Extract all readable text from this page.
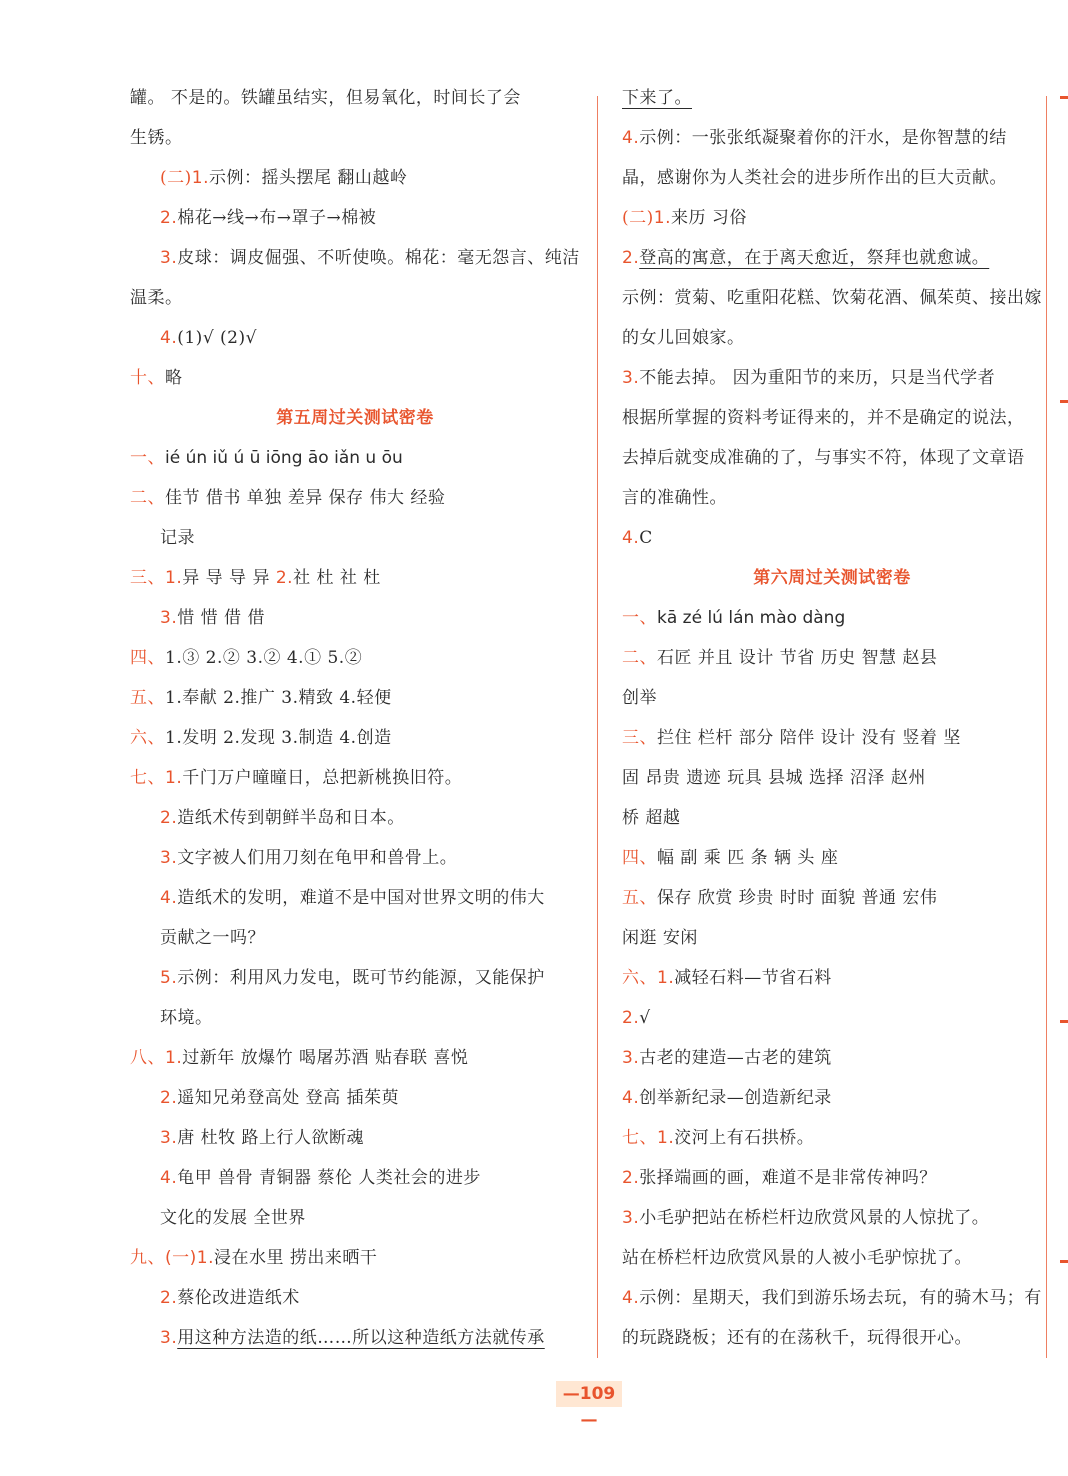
罐。 不是的。铁罐虽结实，但易氧化，时间长了会
生锈。
(二)1.示例：摇头摆尾 翻山越岭
2.棉花→线→布→罩子→棉被
3.皮球：调皮倔强、不听使唤。棉花：毫无怨言、纯洁
温柔。
4.(1)√ (2)√
十、略
第五周过关测试密卷
一、ié ún iǔ ú ū iōng āo iǎn u ōu
二、佳节 借书 单独 差异 保存 伟大 经验
记录
三、1.异 导 导 异 2.社 杜 社 杜
3.惜 惜 借 借
四、1.③ 2.② 3.② 4.① 5.②
五、1.奉献 2.推广 3.精致 4.轻便
六、1.发明 2.发现 3.制造 4.创造
七、1.千门万户曈曈日，总把新桃换旧符。
2.造纸术传到朝鲜半岛和日本。
3.文字被人们用刀刻在龟甲和兽骨上。
4.造纸术的发明，难道不是中国对世界文明的伟大
贡献之一吗？
5.示例：利用风力发电，既可节约能源，又能保护
环境。
八、1.过新年 放爆竹 喝屠苏酒 贴春联 喜悦
2.遥知兄弟登高处 登高 插茱萸
3.唐 杜牧 路上行人欲断魂
4.龟甲 兽骨 青铜器 蔡伦 人类社会的进步
文化的发展 全世界
九、(一)1.浸在水里 捞出来晒干
2.蔡伦改进造纸术
3.用这种方法造的纸……所以这种造纸方法就传承
下来了。
4.示例：一张张纸凝聚着你的汗水，是你智慧的结
晶，感谢你为人类社会的进步所作出的巨大贡献。
(二)1.来历 习俗
2.登高的寓意，在于离天愈近，祭拜也就愈诚。
示例：赏菊、吃重阳花糕、饮菊花酒、佩茱萸、接出嫁
的女儿回娘家。
3.不能去掉。 因为重阳节的来历，只是当代学者
根据所掌握的资料考证得来的，并不是确定的说法，
去掉后就变成准确的了，与事实不符，体现了文章语
言的准确性。
4.C
第六周过关测试密卷
一、kā zé lú lán mào dàng
二、石匠 并且 设计 节省 历史 智慧 赵县
创举
三、拦住 栏杆 部分 陪伴 设计 没有 竖着 坚
固 昂贵 遗迹 玩具 县城 选择 沼泽 赵州
桥 超越
四、幅 副 乘 匹 条 辆 头 座
五、保存 欣赏 珍贵 时时 面貌 普通 宏伟
闲逛 安闲
六、1.减轻石料—节省石料
2.√
3.古老的建造—古老的建筑
4.创举新纪录—创造新纪录
七、1.洨河上有石拱桥。
2.张择端画的画，难道不是非常传神吗？
3.小毛驴把站在桥栏杆边欣赏风景的人惊扰了。
站在桥栏杆边欣赏风景的人被小毛驴惊扰了。
4.示例：星期天，我们到游乐场去玩，有的骑木马；有
的玩跷跷板；还有的在荡秋千，玩得很开心。
—109—
